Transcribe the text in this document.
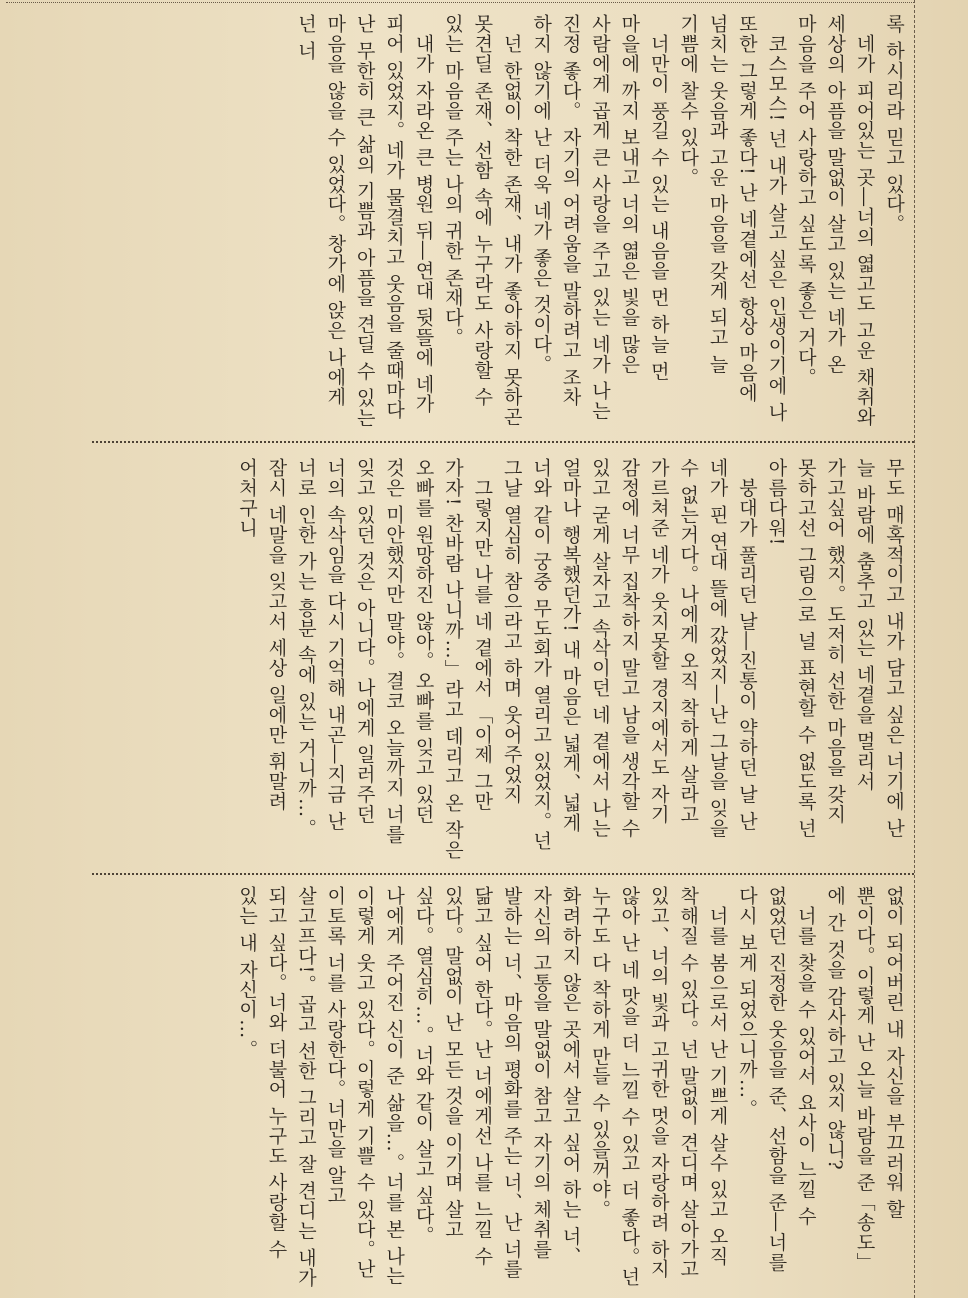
록 하시리라 믿고 있다。
　네가 피어있는 곳―너의 엷고도 고운 채취와 세상의 아픔을 말없이 살고 있는 네가 온 마음을 주어 사랑하고 싶도록 좋은 거다。
　코스모스! 넌 내가 살고 싶은 인생이기에 나 또한 그렇게 좋다! 난 네곁에선 항상 마음에 넘치는 웃음과 고운 마음을 갖게 되고 늘 기쁨에 찰수 있다。
　너만이 풍길 수 있는 내음을 먼 하늘 먼 마을에 까지 보내고 너의 엷은 빛을 많은 사람에게 곱게 큰 사랑을 주고 있는 네가 나는 진정 좋다。 자기의 어려움을 말하려고 조차 하지 않기에 난 더욱 네가 좋은 것이다。
　넌 한없이 착한 존재、내가 좋아하지 못하곤 못견딜 존재、선함 속에 누구라도 사랑할 수 있는 마음을 주는 나의 귀한 존재다。
　내가 자라온 큰 병원 뒤―연대 뒷뜰에 네가 피어 있었지。네가 물결치고 웃음을 줄때마다 난 무한히 큰 삶의 기쁨과 아픔을 견딜 수 있는 마음을 않을 수 있었다。창가에 앉은 나에게 넌 너
무도 매혹적이고 내가 담고 싶은 너기에 난 늘 바람에 춤추고 있는 네곁을 멀리서 가고싶어 했지。도저히 선한 마음을 갖지 못하고선 그림으로 널 표현할 수 없도록 넌 아름다워!
　붕대가 풀리던 날―진통이 약하던 날 난 네가 핀 연대 뜰에 갔었지―난 그날을 잊을 수 없는거다。나에게 오직 착하게 살라고 가르쳐준 네가 웃지못할 경지에서도 자기 감정에 너무 집착하지 말고 남을 생각할 수 있고 굳게 살자고 속삭이던 네 곁에서 나는 얼마나 행복했던가! 내 마음은 넓게、넓게 너와 같이 궁중 무도회가 열리고 있었지。넌 그날 열심히 참으라고 하며 웃어주었지
　그렇지만 나를 네 곁에서 「이제 그만 가자! 찬바람 나니까…」라고 데리고 온 작은 오빠를 원망하진 않아。오빠를 잊고 있던 것은 미안했지만 말야。결코 오늘까지 너를 잊고 있던 것은 아니다。나에게 일러주던 너의 속삭임을 다시 기억해 내곤―지금 난 너로 인한 가는 흥분 속에 있는 거니까…。잠시 네말을 잊고서 세상 일에만 휘말려 어처구니
없이 되어버린 내 자신을 부끄러워 할 뿐이다。이렇게 난 오늘 바람을 준「송도」에 간 것을 감사하고 있지 않니?
　너를 찾을 수 있어서 요사이 느낄 수 없었던 진정한 웃음을 준、선함을 준―너를 다시 보게 되었으니까…。
　너를 봄으로서 난 기쁘게 살수 있고 오직 착해질 수 있다。넌 말없이 견디며 살아가고 있고、너의 빛과 고귀한 멋을 자랑하려 하지 않아 난 네 맛을 더 느낄 수 있고 더 좋다。넌 누구도 다 착하게 만들 수 있을꺼야。화려하지 않은 곳에서 살고 싶어 하는 너、자신의 고통을 말없이 참고 자기의 체취를 발하는 너、마음의 평화를 주는 너、난 너를 닮고 싶어 한다。난 너에게선 나를 느낄 수 있다。말없이 난 모든 것을 이기며 살고 싶다。열심히…。너와 같이 살고 싶다。나에게 주어진 신이 준 삶을…。너를 본 나는 이렇게 웃고 있다。이렇게 기쁠 수 있다。난 이토록 너를 사랑한다。너만을 알고 살고프다!。곱고 선한 그리고 잘 견디는 내가 되고 싶다。너와 더불어 누구도 사랑할 수 있는 내 자신이…。
